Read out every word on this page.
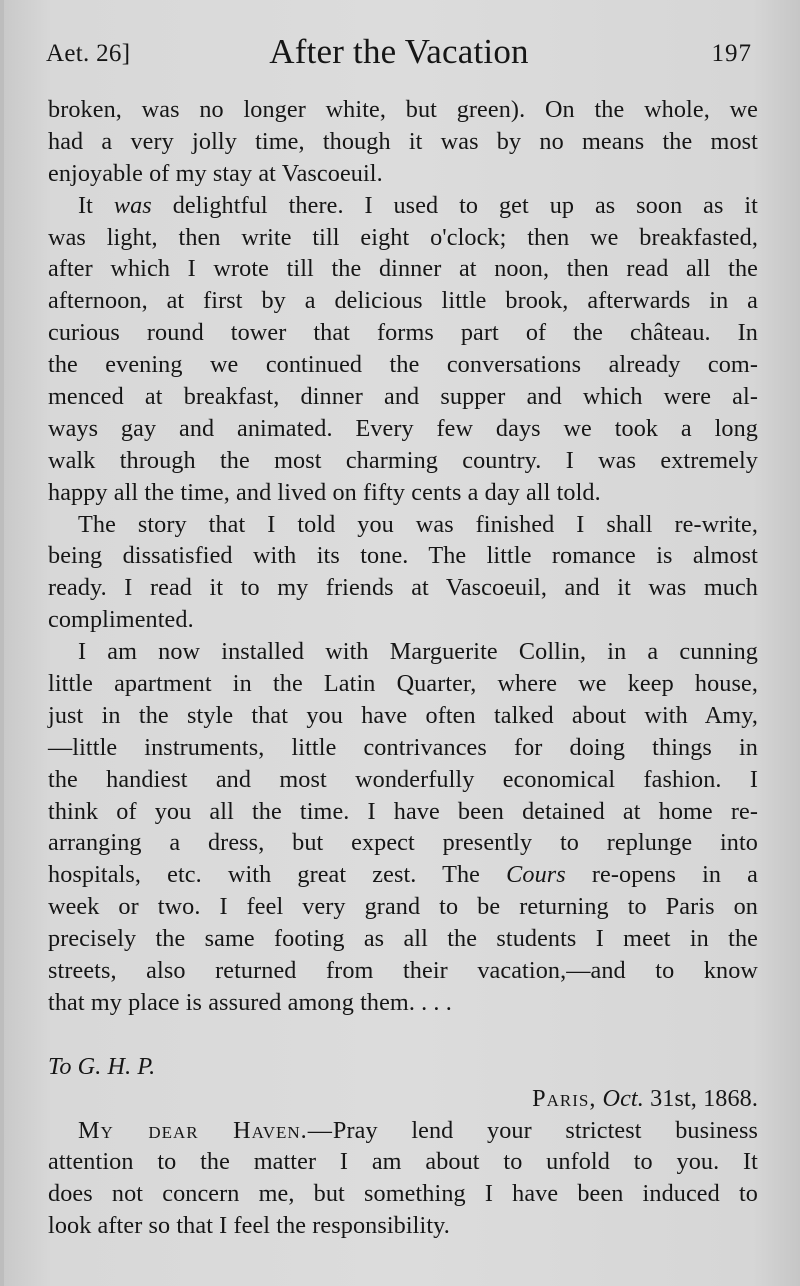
Aet. 26]	After the Vacation	197
broken, was no longer white, but green). On the whole, we
had a very jolly time, though it was by no means the most
enjoyable of my stay at Vascoeuil.
It was delightful there. I used to get up as soon as it
was light, then write till eight o'clock; then we breakfasted,
after which I wrote till the dinner at noon, then read all the
afternoon, at first by a delicious little brook, afterwards in a
curious round tower that forms part of the château. In
the evening we continued the conversations already com-
menced at breakfast, dinner and supper and which were al-
ways gay and animated. Every few days we took a long
walk through the most charming country. I was extremely
happy all the time, and lived on fifty cents a day all told.
The story that I told you was finished I shall re-write,
being dissatisfied with its tone. The little romance is almost
ready. I read it to my friends at Vascoeuil, and it was much
complimented.
I am now installed with Marguerite Collin, in a cunning
little apartment in the Latin Quarter, where we keep house,
just in the style that you have often talked about with Amy,
—little instruments, little contrivances for doing things in
the handiest and most wonderfully economical fashion. I
think of you all the time. I have been detained at home re-
arranging a dress, but expect presently to replunge into
hospitals, etc. with great zest. The Cours re-opens in a
week or two. I feel very grand to be returning to Paris on
precisely the same footing as all the students I meet in the
streets, also returned from their vacation,—and to know
that my place is assured among them. . . .
To G. H. P.
Paris, Oct. 31st, 1868.
My dear Haven.—Pray lend your strictest business
attention to the matter I am about to unfold to you. It
does not concern me, but something I have been induced to
look after so that I feel the responsibility.
